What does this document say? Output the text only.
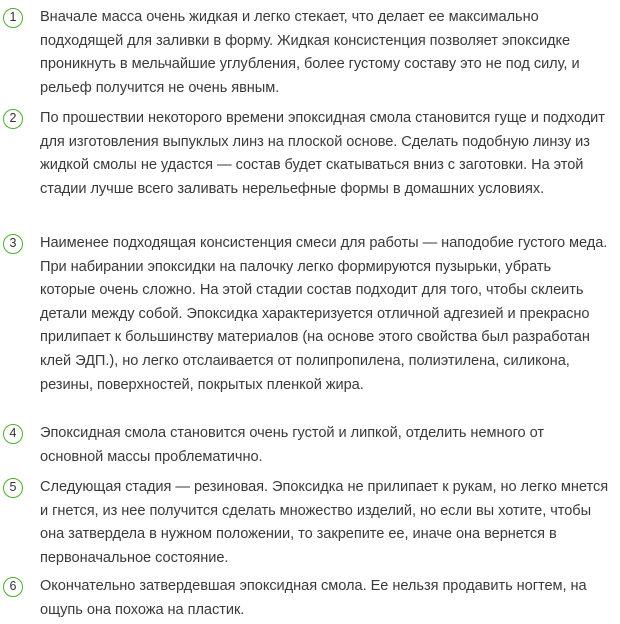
1	Вначале масса очень жидкая и легко стекает, что делает ее максимально подходящей для заливки в форму. Жидкая консистенция позволяет эпоксидке проникнуть в мельчайшие углубления, более густому составу это не под силу, и рельеф получится не очень явным.

2	По прошествии некоторого времени эпоксидная смола становится гуще и подходит для изготовления выпуклых линз на плоской основе. Сделать подобную линзу из жидкой смолы не удастся — состав будет скатываться вниз с заготовки. На этой стадии лучше всего заливать нерельефные формы в домашних условиях.

3	Наименее подходящая консистенция смеси для работы — наподобие густого меда. При набирании эпоксидки на палочку легко формируются пузырьки, убрать которые очень сложно. На этой стадии состав подходит для того, чтобы склеить детали между собой. Эпоксидка характеризуется отличной адгезией и прекрасно прилипает к большинству материалов (на основе этого свойства был разработан клей ЭДП.), но легко отслаивается от полипропилена, полиэтилена, силикона, резины, поверхностей, покрытых пленкой жира.

4	Эпоксидная смола становится очень густой и липкой, отделить немного от основной массы проблематично.

5	Следующая стадия — резиновая. Эпоксидка не прилипает к рукам, но легко мнется и гнется, из нее получится сделать множество изделий, но если вы хотите, чтобы она затвердела в нужном положении, то закрепите ее, иначе она вернется в первоначальное состояние.

6	Окончательно затвердевшая эпоксидная смола. Ее нельзя продавить ногтем, на ощупь она похожа на пластик.
